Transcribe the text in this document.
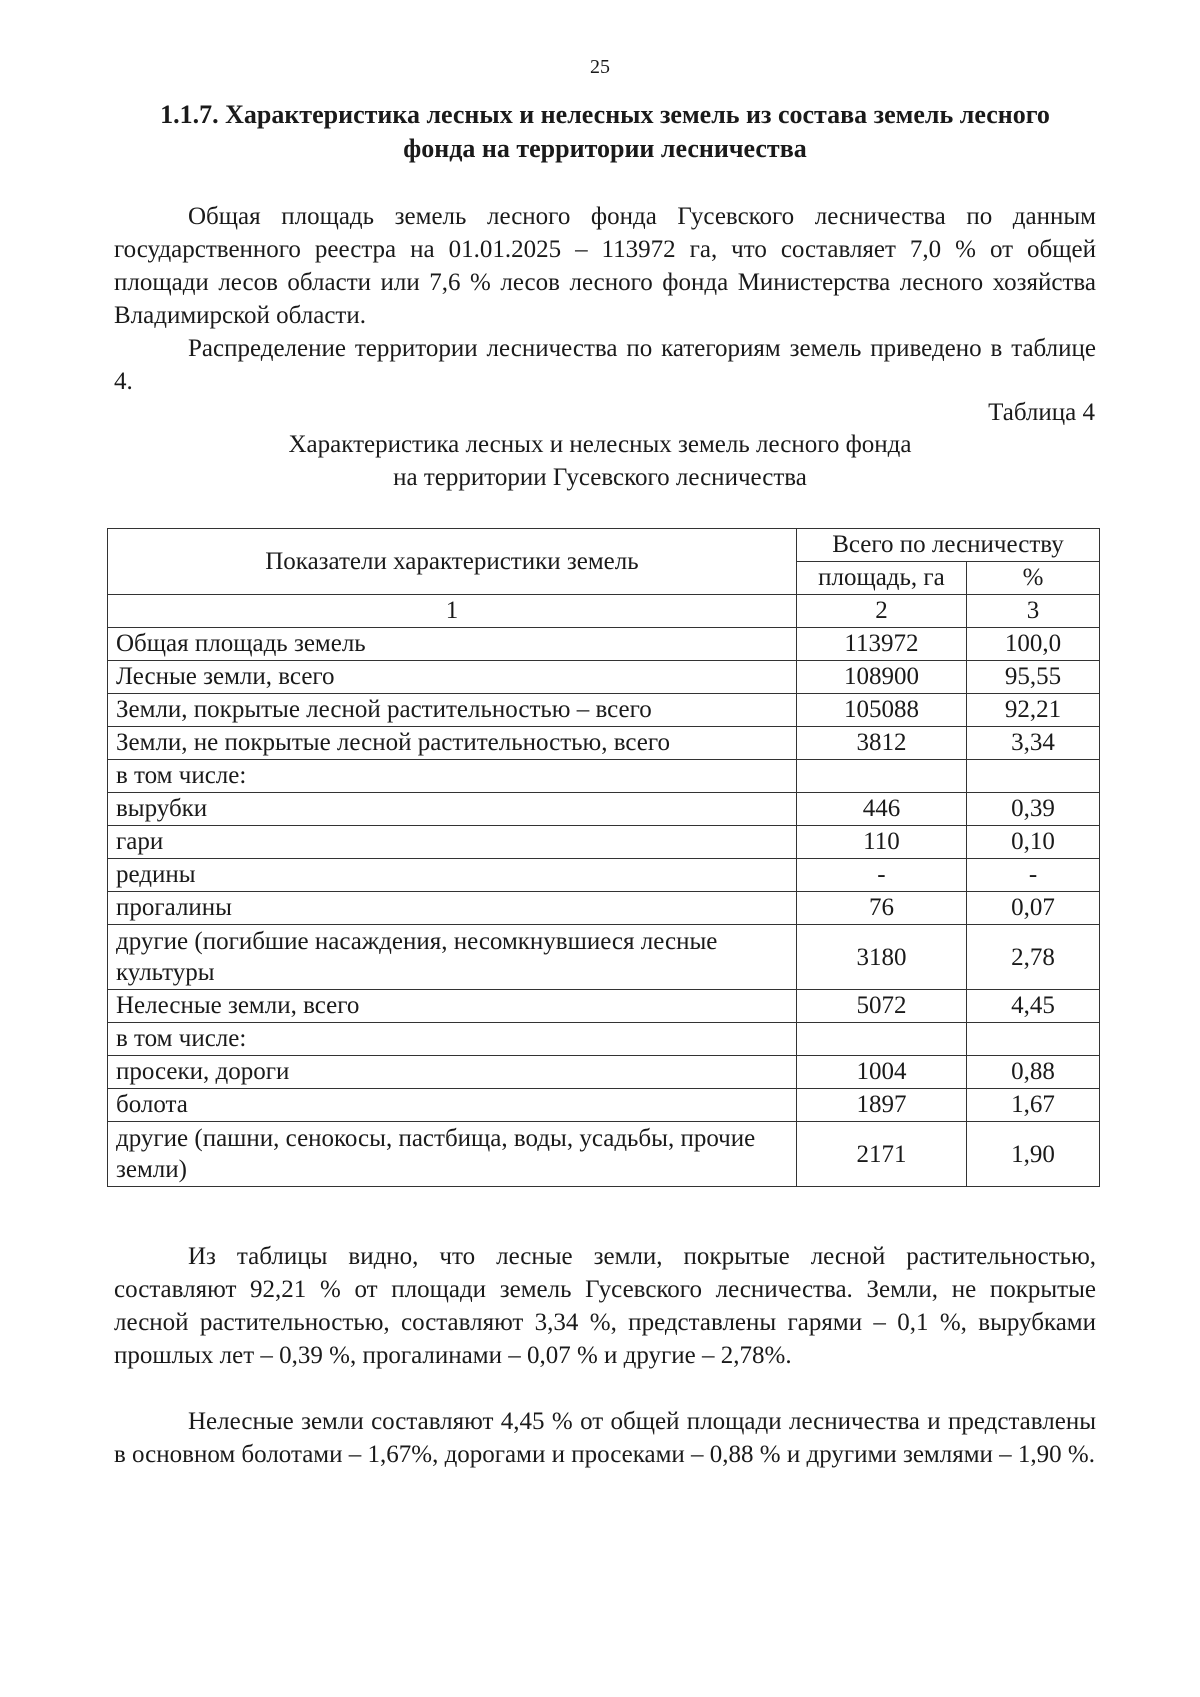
25
1.1.7. Характеристика лесных и нелесных земель из состава земель лесного
фонда на территории лесничества

Общая площадь земель лесного фонда Гусевского лесничества по данным государственного реестра на 01.01.2025 – 113972 га, что составляет 7,0 % от общей площади лесов области или 7,6 % лесов лесного фонда Министерства лесного хозяйства Владимирской области.

Распределение территории лесничества по категориям земель приведено в таблице 4.

Таблица 4
Характеристика лесных и нелесных земель лесного фонда
на территории Гусевского лесничества
Показатели характеристики земель	Всего по лесничеству	
	площадь, га	%
1	2	3
Общая площадь земель	113972	100,0
Лесные земли, всего	108900	95,55
Земли, покрытые лесной растительностью – всего	105088	92,21
Земли, не покрытые лесной растительностью, всего	3812	3,34
в том числе:		
вырубки	446	0,39
гари	110	0,10
редины	-	-
прогалины	76	0,07
другие (погибшие насаждения, несомкнувшиеся лесные культуры	3180	2,78
Нелесные земли, всего	5072	4,45
в том числе:		
просеки, дороги	1004	0,88
болота	1897	1,67
другие (пашни, сенокосы, пастбища, воды, усадьбы, прочие земли)	2171	1,90

Из таблицы видно, что лесные земли, покрытые лесной растительностью, составляют 92,21 % от площади земель Гусевского лесничества. Земли, не покрытые лесной растительностью, составляют 3,34 %, представлены гарями – 0,1 %, вырубками прошлых лет – 0,39 %, прогалинами – 0,07 % и другие – 2,78%.

Нелесные земли составляют 4,45 % от общей площади лесничества и представлены в основном болотами – 1,67%, дорогами и просеками – 0,88 % и другими землями – 1,90 %.
